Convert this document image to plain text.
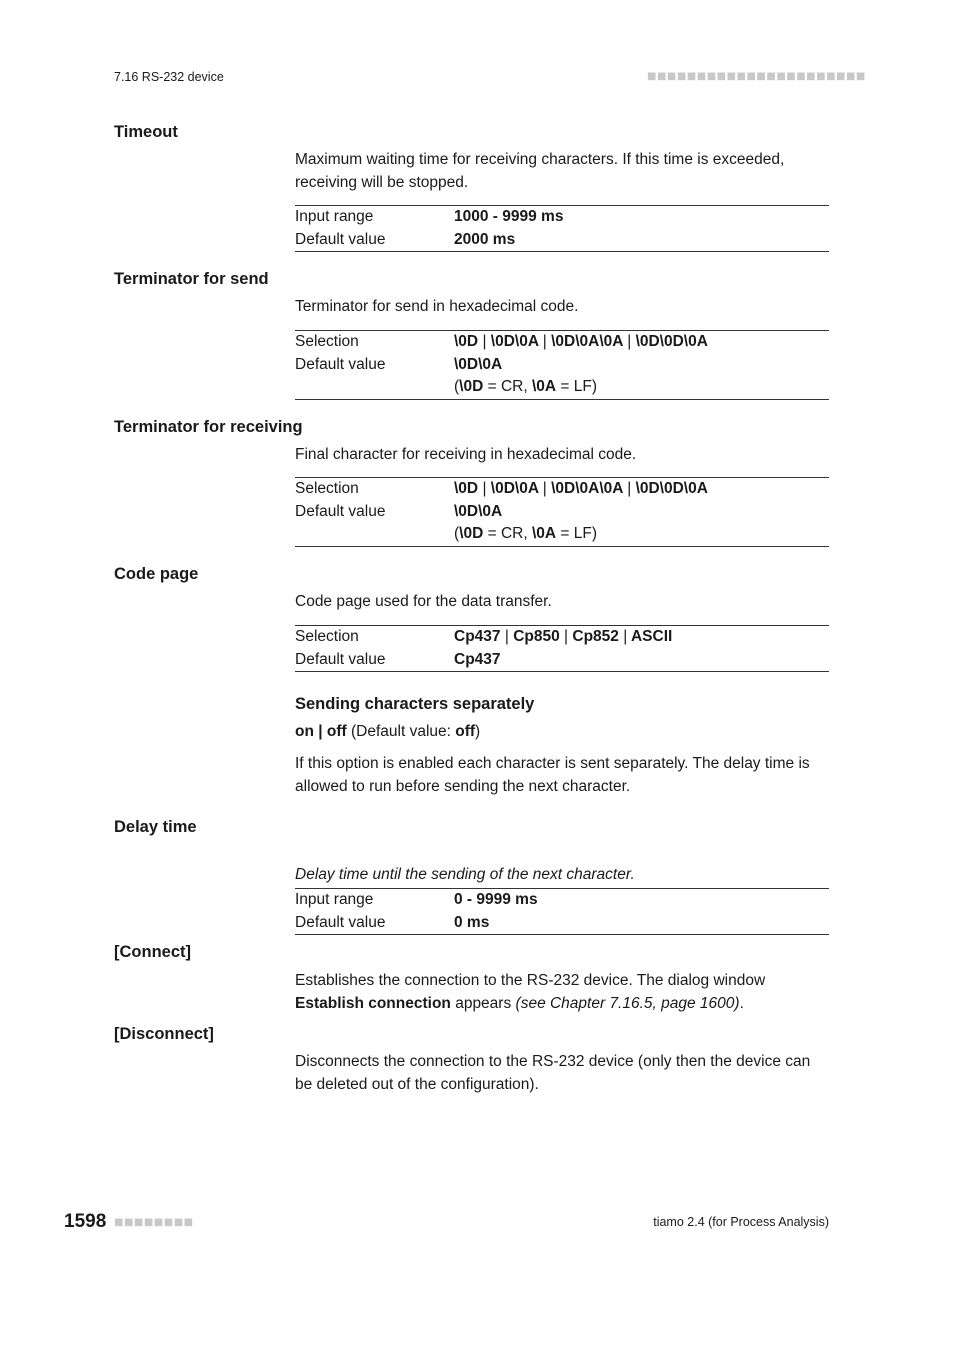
7.16 RS-232 device	■■■■■■■■■■■■■■■■■■■■■■
Timeout
Maximum waiting time for receiving characters. If this time is exceeded, receiving will be stopped.
Input range	1000 - 9999 ms
Default value	2000 ms
Terminator for send
Terminator for send in hexadecimal code.
Selection	\0D | \0D\0A | \0D\0A\0A | \0D\0D\0A
Default value	\0D\0A
(\0D = CR, \0A = LF)
Terminator for receiving
Final character for receiving in hexadecimal code.
Selection	\0D | \0D\0A | \0D\0A\0A | \0D\0D\0A
Default value	\0D\0A
(\0D = CR, \0A = LF)
Code page
Code page used for the data transfer.
Selection	Cp437 | Cp850 | Cp852 | ASCII
Default value	Cp437
Sending characters separately
on | off (Default value: off)
If this option is enabled each character is sent separately. The delay time is allowed to run before sending the next character.
Delay time
Delay time until the sending of the next character.
Input range	0 - 9999 ms
Default value	0 ms
[Connect]
Establishes the connection to the RS-232 device. The dialog window Establish connection appears (see Chapter 7.16.5, page 1600).
[Disconnect]
Disconnects the connection to the RS-232 device (only then the device can be deleted out of the configuration).
1598 ■■■■■■■■	tiamo 2.4 (for Process Analysis)
